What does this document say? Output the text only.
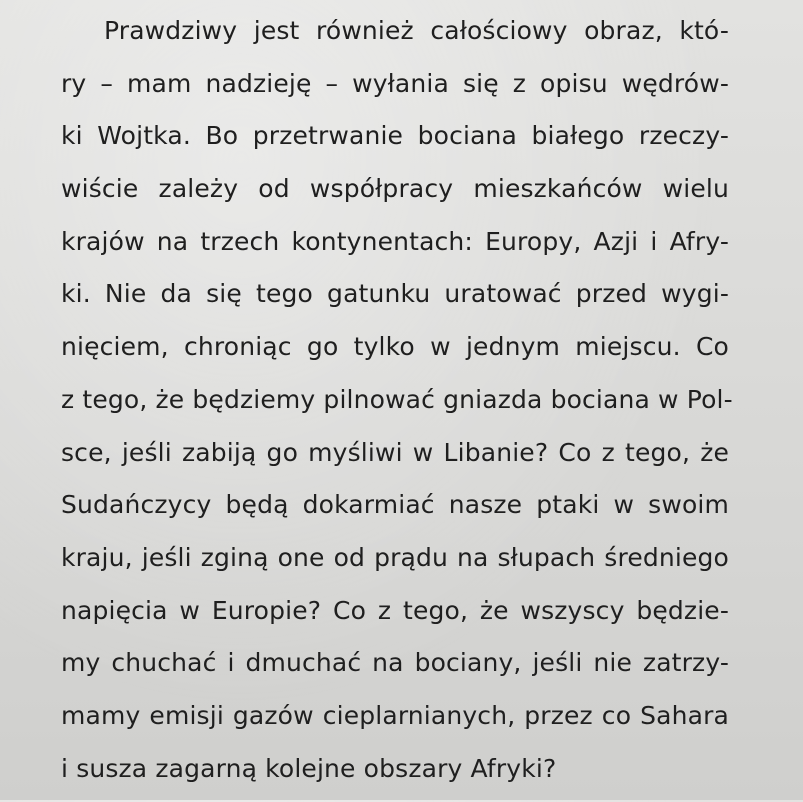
Prawdziwy jest również całościowy obraz, któ-
ry – mam nadzieję – wyłania się z opisu wędrów-
ki Wojtka. Bo przetrwanie bociana białego rzeczy-
wiście zależy od współpracy mieszkańców wielu
krajów na trzech kontynentach: Europy, Azji i Afry-
ki. Nie da się tego gatunku uratować przed wygi-
nięciem, chroniąc go tylko w jednym miejscu. Co
z tego, że będziemy pilnować gniazda bociana w Pol-
sce, jeśli zabiją go myśliwi w Libanie? Co z tego, że
Sudańczycy będą dokarmiać nasze ptaki w swoim
kraju, jeśli zginą one od prądu na słupach średniego
napięcia w Europie? Co z tego, że wszyscy będzie-
my chuchać i dmuchać na bociany, jeśli nie zatrzy-
mamy emisji gazów cieplarnianych, przez co Sahara
i susza zagarną kolejne obszary Afryki?
